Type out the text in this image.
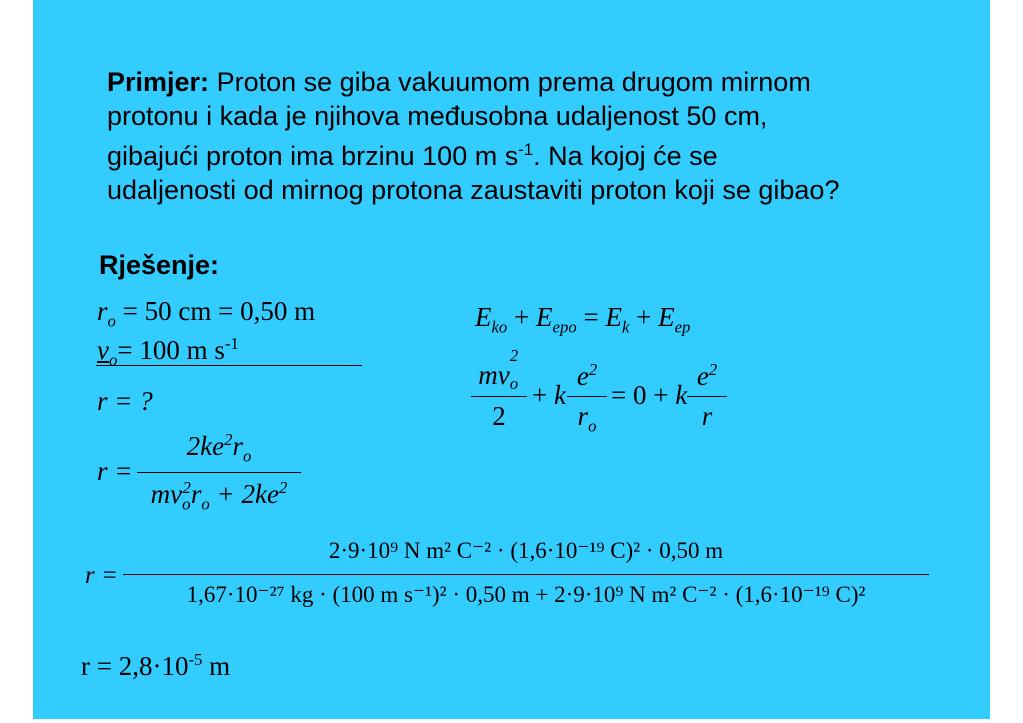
Primjer: Proton se giba vakuumom prema drugom mirnom
protonu i kada je njihova međusobna udaljenost 50 cm,
gibajući proton ima brzinu 100 m $s^{-1}$. Na kojoj će se
udaljenosti od mirnog protona zaustaviti proton koji se gibao?
Rješenje:
$r_o = 50$ cm = 0,50 m
$v_o= 100$ m $s^{-1}$
r = ?
$E_{ko} + E_{epo} = E_k + E_{ep}$
mv o
2
2
+ k
$e^2$
$r_o$
= 0 + k
$e^2$
r
r =
$2ke^2r_o$
$mv_o^2r_o + 2ke^2$
r =
2·9·10⁹ N m² C⁻² · (1,6·10⁻¹⁹ C)² · 0,50 m
1,67·10⁻²⁷ kg · (100 m s⁻¹)² · 0,50 m + 2·9·10⁹ N m² C⁻² · (1,6·10⁻¹⁹ C)²
$r = 2,8\cdot 10^{-5}$ m
